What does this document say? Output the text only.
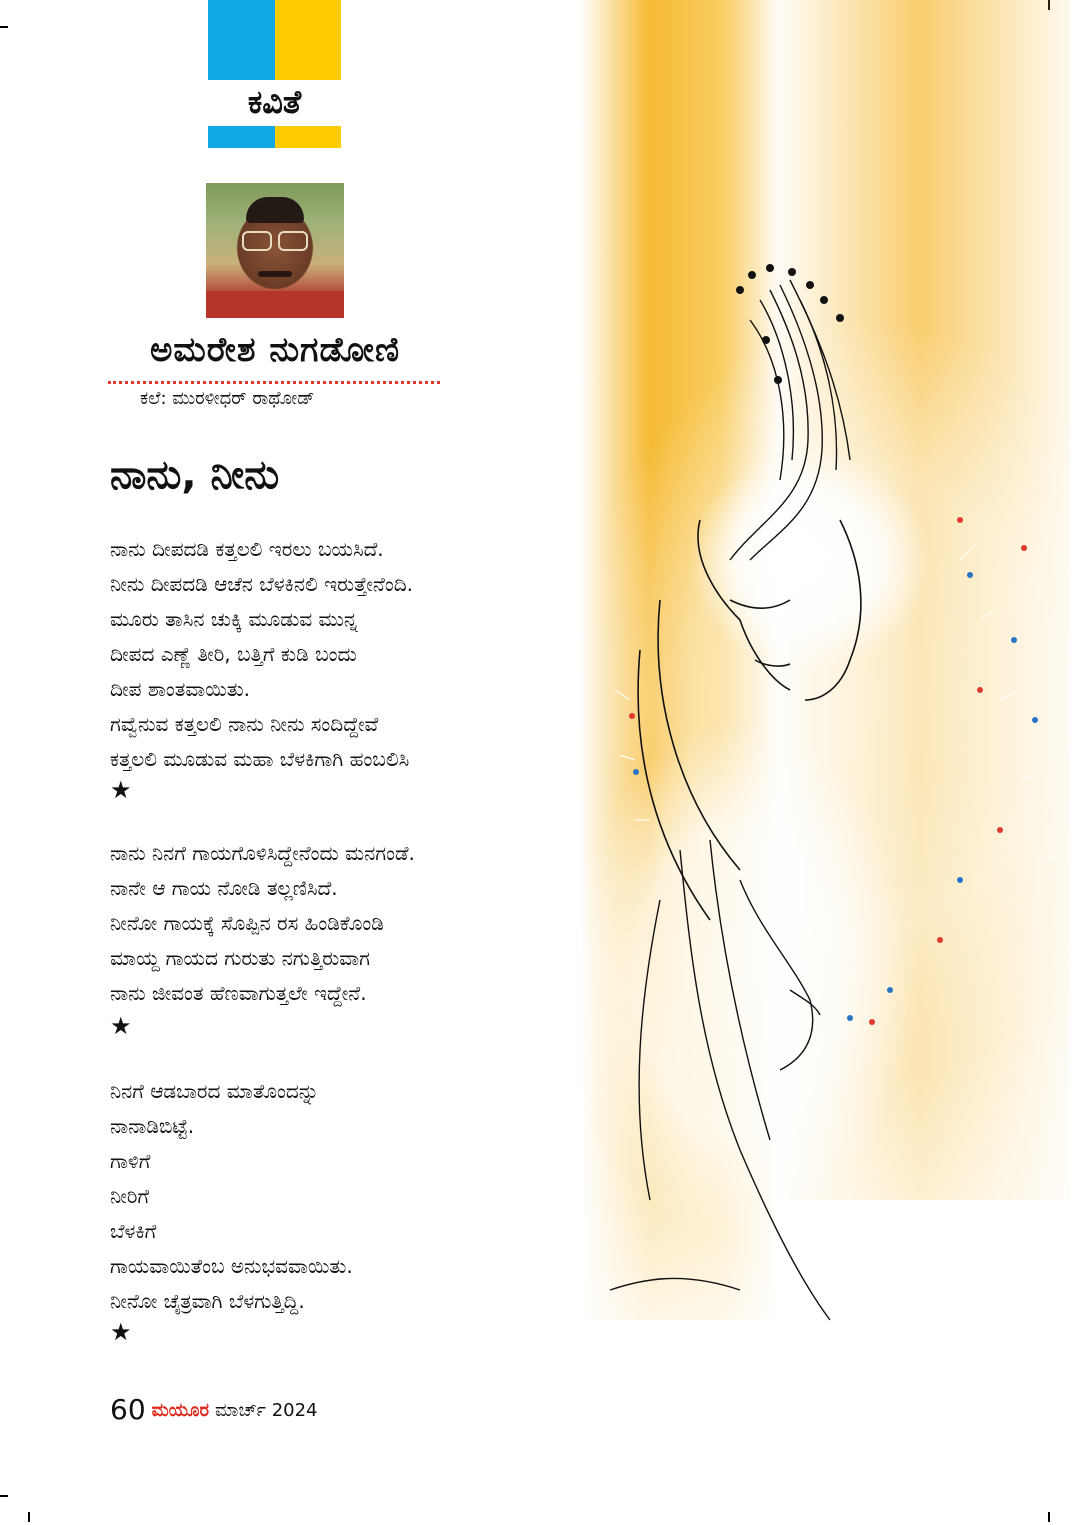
ಕವಿತೆ
ಅಮರೇಶ ನುಗಡೋಣಿ
ಕಲೆ: ಮುರಳೀಧರ್ ರಾಥೋಡ್
ನಾನು, ನೀನು
ನಾನು ದೀಪದಡಿ ಕತ್ತಲಲಿ ಇರಲು ಬಯಸಿದೆ.
ನೀನು ದೀಪದಡಿ ಆಚೆನ ಬೆಳಕಿನಲಿ ಇರುತ್ತೇನೆಂದಿ.
ಮೂರು ತಾಸಿನ ಚುಕ್ಕಿ ಮೂಡುವ ಮುನ್ನ
ದೀಪದ ಎಣ್ಣೆ ತೀರಿ, ಬತ್ತಿಗೆ ಕುಡಿ ಬಂದು
ದೀಪ ಶಾಂತವಾಯಿತು.
ಗವ್ವೆನುವ ಕತ್ತಲಲಿ ನಾನು ನೀನು ಸಂದಿದ್ದೇವೆ
ಕತ್ತಲಲಿ ಮೂಡುವ ಮಹಾ ಬೆಳಕಿಗಾಗಿ ಹಂಬಲಿಸಿ
★
ನಾನು ನಿನಗೆ ಗಾಯಗೊಳಿಸಿದ್ದೇನೆಂದು ಮನಗಂಡೆ.
ನಾನೇ ಆ ಗಾಯ ನೋಡಿ ತಲ್ಲಣಿಸಿದೆ.
ನೀನೋ ಗಾಯಕ್ಕೆ ಸೊಪ್ಪಿನ ರಸ ಹಿಂಡಿಕೊಂಡಿ
ಮಾಯ್ದ ಗಾಯದ ಗುರುತು ನಗುತ್ತಿರುವಾಗ
ನಾನು ಜೀವಂತ ಹೆಣವಾಗುತ್ತಲೇ ಇದ್ದೇನೆ.
★
ನಿನಗೆ ಆಡಬಾರದ ಮಾತೊಂದನ್ನು
ನಾನಾಡಿಬಿಟ್ಟೆ.
ಗಾಳಿಗೆ
ನೀರಿಗೆ
ಬೆಳಕಿಗೆ
ಗಾಯವಾಯಿತೆಂಬ ಅನುಭವವಾಯಿತು.
ನೀನೋ ಚೈತ್ರವಾಗಿ ಬೆಳಗುತ್ತಿದ್ದಿ.
★
60 ಮಯೂರ ಮಾರ್ಚ್ 2024
